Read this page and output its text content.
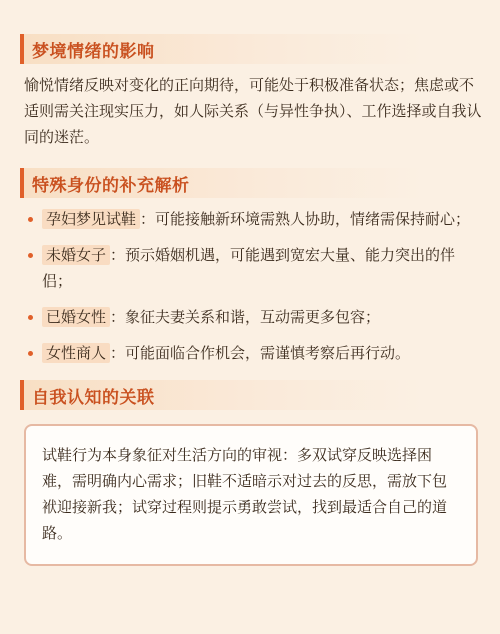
梦境情绪的影响
愉悦情绪反映对变化的正向期待，可能处于积极准备状态；焦虑或不适则需关注现实压力，如人际关系（与异性争执）、工作选择或自我认同的迷茫。
特殊身份的补充解析
孕妇梦见试鞋 ：可能接触新环境需熟人协助，情绪需保持耐心；
未婚女子 ：预示婚姻机遇，可能遇到宽宏大量、能力突出的伴侣；
已婚女性 ：象征夫妻关系和谐，互动需更多包容；
女性商人 ：可能面临合作机会，需谨慎考察后再行动。
自我认知的关联
试鞋行为本身象征对生活方向的审视：多双试穿反映选择困难，需明确内心需求；旧鞋不适暗示对过去的反思，需放下包袱迎接新我；试穿过程则提示勇敢尝试，找到最适合自己的道路。
